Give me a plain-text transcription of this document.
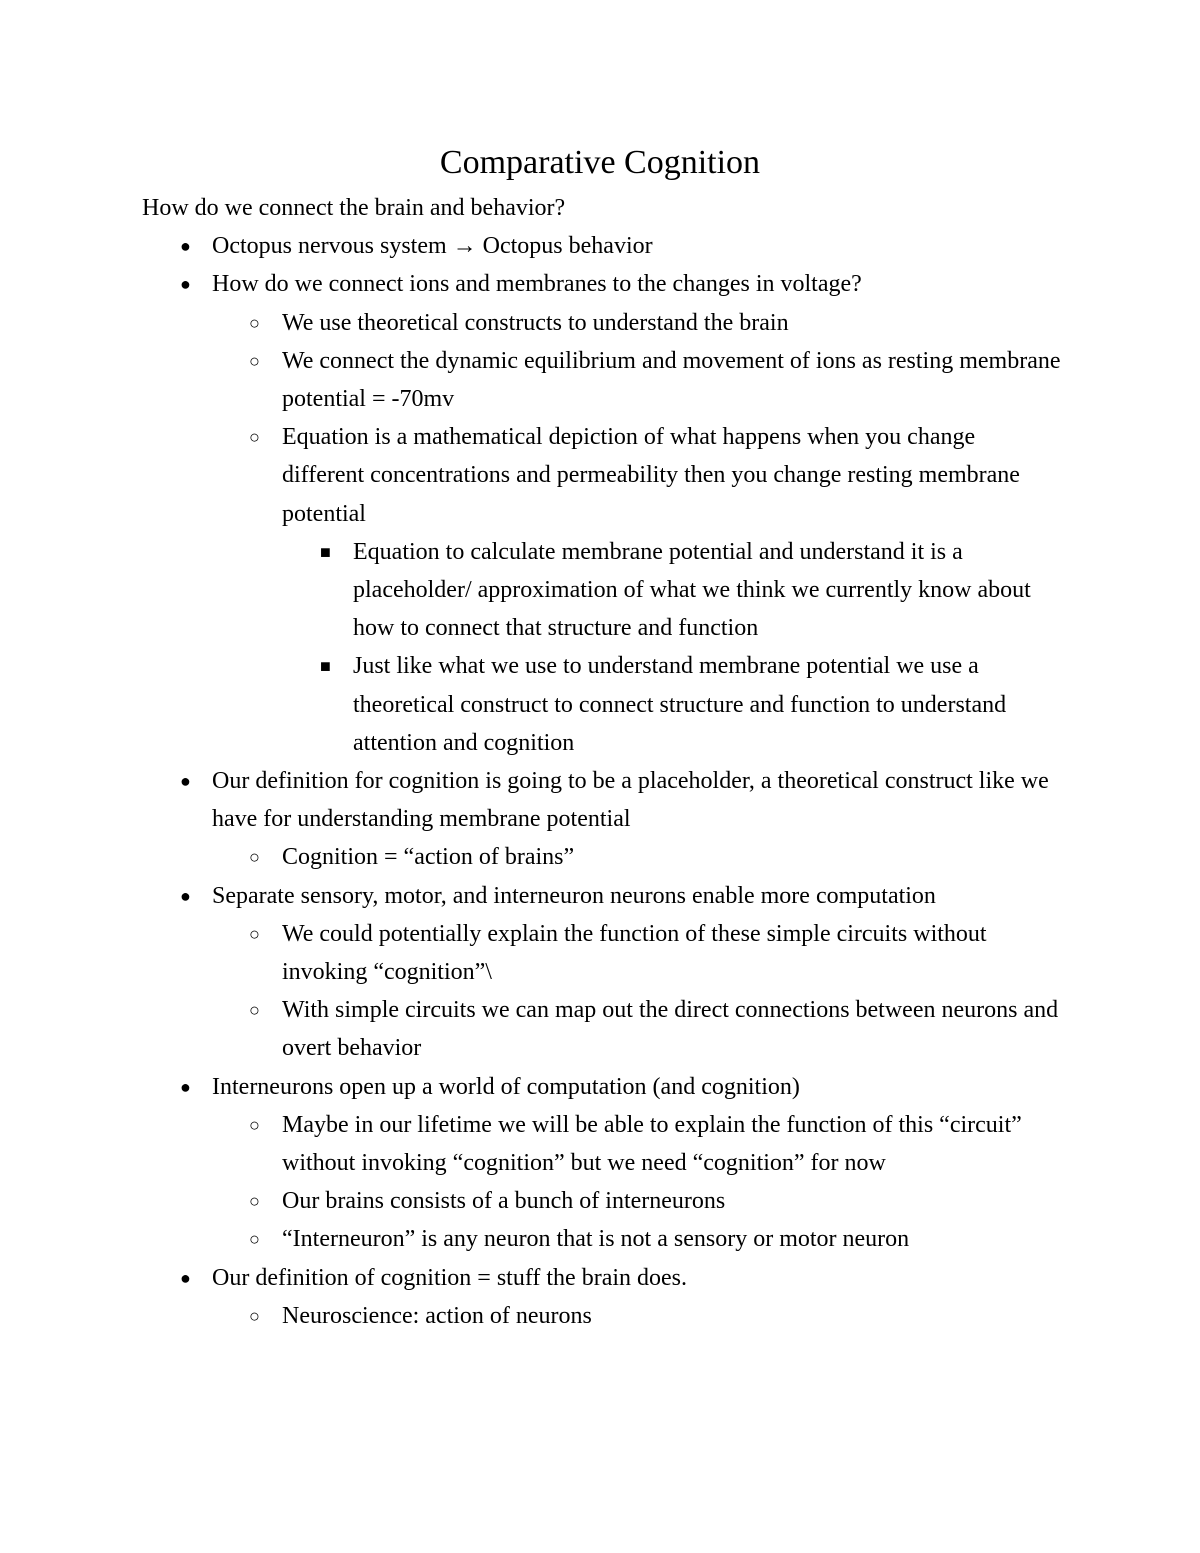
Comparative Cognition

How do we connect the brain and behavior?

● Octopus nervous system → Octopus behavior
● How do we connect ions and membranes to the changes in voltage?
○ We use theoretical constructs to understand the brain
○ We connect the dynamic equilibrium and movement of ions as resting membrane potential = -70mv
○ Equation is a mathematical depiction of what happens when you change different concentrations and permeability then you change resting membrane potential
■ Equation to calculate membrane potential and understand it is a placeholder/ approximation of what we think we currently know about how to connect that structure and function
■ Just like what we use to understand membrane potential we use a theoretical construct to connect structure and function to understand attention and cognition
● Our definition for cognition is going to be a placeholder, a theoretical construct like we have for understanding membrane potential
○ Cognition = “action of brains”
● Separate sensory, motor, and interneuron neurons enable more computation
○ We could potentially explain the function of these simple circuits without invoking “cognition”\
○ With simple circuits we can map out the direct connections between neurons and overt behavior
● Interneurons open up a world of computation (and cognition)
○ Maybe in our lifetime we will be able to explain the function of this “circuit” without invoking “cognition” but we need “cognition” for now
○ Our brains consists of a bunch of interneurons
○ “Interneuron” is any neuron that is not a sensory or motor neuron
● Our definition of cognition = stuff the brain does.
○ Neuroscience: action of neurons
